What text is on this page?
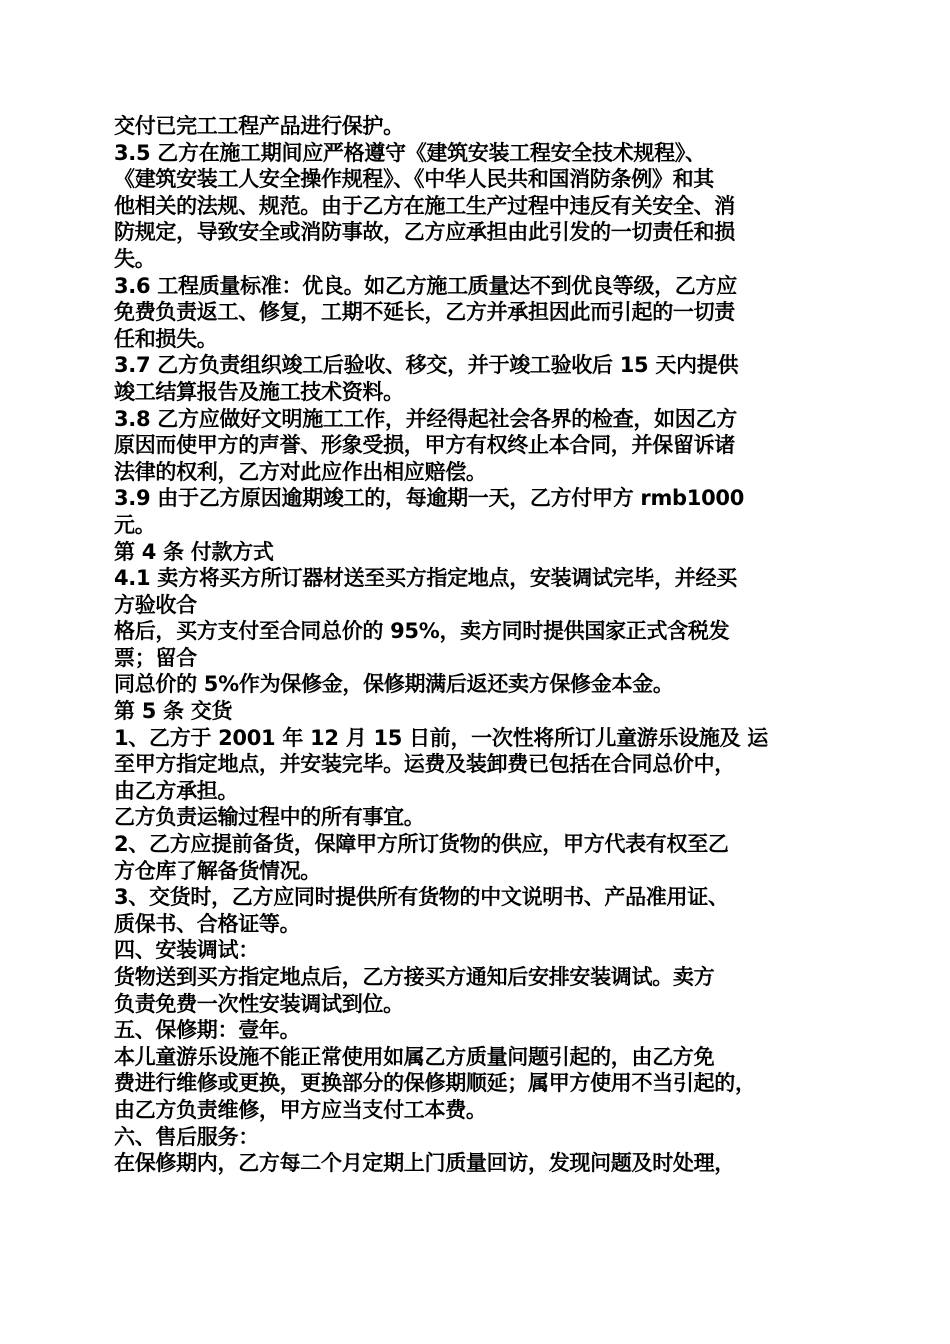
交付已完工工程产品进行保护。
3.5 乙方在施工期间应严格遵守《建筑安装工程安全技术规程》、
《建筑安装工人安全操作规程》、《中华人民共和国消防条例》和其
他相关的法规、规范。由于乙方在施工生产过程中违反有关安全、消
防规定，导致安全或消防事故，乙方应承担由此引发的一切责任和损
失。
3.6 工程质量标准：优良。如乙方施工质量达不到优良等级，乙方应
免费负责返工、修复，工期不延长，乙方并承担因此而引起的一切责
任和损失。
3.7 乙方负责组织竣工后验收、移交，并于竣工验收后 15 天内提供
竣工结算报告及施工技术资料。
3.8 乙方应做好文明施工工作，并经得起社会各界的检查，如因乙方
原因而使甲方的声誉、形象受损，甲方有权终止本合同，并保留诉诸
法律的权利，乙方对此应作出相应赔偿。
3.9 由于乙方原因逾期竣工的，每逾期一天，乙方付甲方 rmb1000
元。
第 4 条 付款方式
4.1 卖方将买方所订器材送至买方指定地点，安装调试完毕，并经买
方验收合
格后，买方支付至合同总价的 95%，卖方同时提供国家正式含税发
票；留合
同总价的 5%作为保修金，保修期满后返还卖方保修金本金。
第 5 条 交货
1、乙方于 2001 年 12 月 15 日前，一次性将所订儿童游乐设施及 运
至甲方指定地点，并安装完毕。运费及装卸费已包括在合同总价中，
由乙方承担。
乙方负责运输过程中的所有事宜。
2、乙方应提前备货，保障甲方所订货物的供应，甲方代表有权至乙
方仓库了解备货情况。
3、交货时，乙方应同时提供所有货物的中文说明书、产品准用证、
质保书、合格证等。
四、安装调试：
货物送到买方指定地点后，乙方接买方通知后安排安装调试。卖方
负责免费一次性安装调试到位。
五、保修期：壹年。
本儿童游乐设施不能正常使用如属乙方质量问题引起的，由乙方免
费进行维修或更换，更换部分的保修期顺延；属甲方使用不当引起的，
由乙方负责维修，甲方应当支付工本费。
六、售后服务：
在保修期内，乙方每二个月定期上门质量回访，发现问题及时处理，
